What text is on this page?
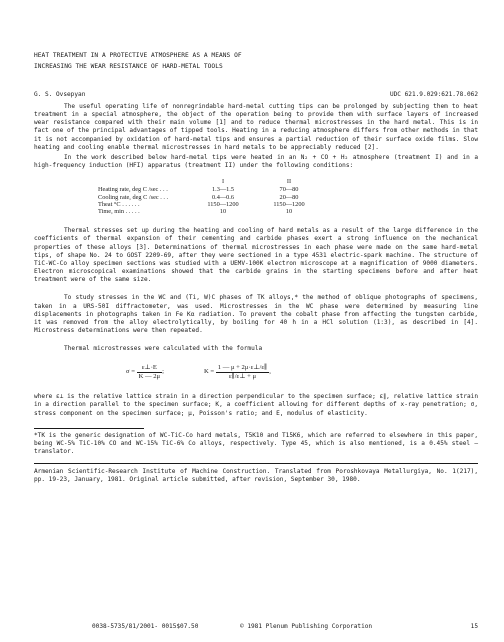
HEAT TREATMENT IN A PROTECTIVE ATMOSPHERE AS A MEANS OF
INCREASING THE WEAR RESISTANCE OF HARD-METAL TOOLS
G. S. Ovsepyan	UDC 621.9.029:621.78.062

The useful operating life of nonregrindable hard-metal cutting tips can be prolonged by subjecting them to heat treatment in a special atmosphere, the object of the operation being to provide them with surface layers of increased wear resistance compared with their main volume [1] and to reduce thermal microstresses in the hard metal. This is in fact one of the principal advantages of tipped tools. Heating in a reducing atmosphere differs from other methods in that it is not accompanied by oxidation of hard-metal tips and ensures a partial reduction of their surface oxide films. Slow heating and cooling enable thermal microstresses in hard metals to be appreciably reduced [2].

In the work described below hard-metal tips were heated in an N₂ + CO + H₂ atmosphere (treatment I) and in a high-frequency induction (HFI) apparatus (treatment II) under the following conditions:

	I	II
Heating rate, deg C /sec . . .	1.3—1.5	70—80
Cooling rate, deg C /sec . . .	0.4—0.6	20—80
Theat °C . . . . . .	1150—1200	1150—1200
Time, min . . . . .	10	10

Thermal stresses set up during the heating and cooling of hard metals as a result of the large difference in the coefficients of thermal expansion of their cementing and carbide phases exert a strong influence on the mechanical properties of these alloys [3]. Determinations of thermal microstresses in each phase were made on the same hard-metal tips, of shape No. 24 to GOST 2209-69, after they were sectioned in a type 4531 electric-spark machine. The structure of TiC-WC-Co alloy specimen sections was studied with a UEMV-100K electron microscope at a magnification of 9000 diameters. Electron microscopical examinations showed that the carbide grains in the starting specimens before and after heat treatment were of the same size.

To study stresses in the WC and (Ti, W)C phases of TK alloys,* the method of oblique photographs of specimens, taken in a URS-50I diffractometer, was used. Microstresses in the WC phase were determined by measuring line displacements in photographs taken in Fe Kα radiation. To prevent the cobalt phase from affecting the tungsten carbide, it was removed from the alloy electrolytically, by boiling for 40 h in a HCl solution (1:3), as described in [4]. Microstress determinations were then repeated.

Thermal microstresses were calculated with the formula

σ =
$\frac{\varepsilon\perp\cdot E}{K — 2\mu}$ ;	K =
$\frac{1 — \mu + 2\mu\cdot\varepsilon\perp/\varepsilon\parallel}{\varepsilon\parallel/\varepsilon\perp + \mu}$ ,

where ε⊥ is the relative lattice strain in a direction perpendicular to the specimen surface; ε∥, relative lattice strain in a direction parallel to the specimen surface; K, a coefficient allowing for different depths of x-ray penetration; σ, stress component on the specimen surface; μ, Poisson's ratio; and E, modulus of elasticity.

*TK is the generic designation of WC-TiC-Co hard metals, T5K10 and T15K6, which are referred to elsewhere in this paper, being WC-5% TiC-10% CO and WC-15% TiC-6% Co alloys, respectively. Type 45, which is also mentioned, is a 0.45% steel — translator.

Armenian Scientific-Research Institute of Machine Construction. Translated from Poroshkovaya Metallurgiya, No. 1(217), pp. 19-23, January, 1981. Original article submitted, after revision, September 30, 1980.

0038-5735/81/2001- 0015$07.50	© 1981 Plenum Publishing Corporation	15
